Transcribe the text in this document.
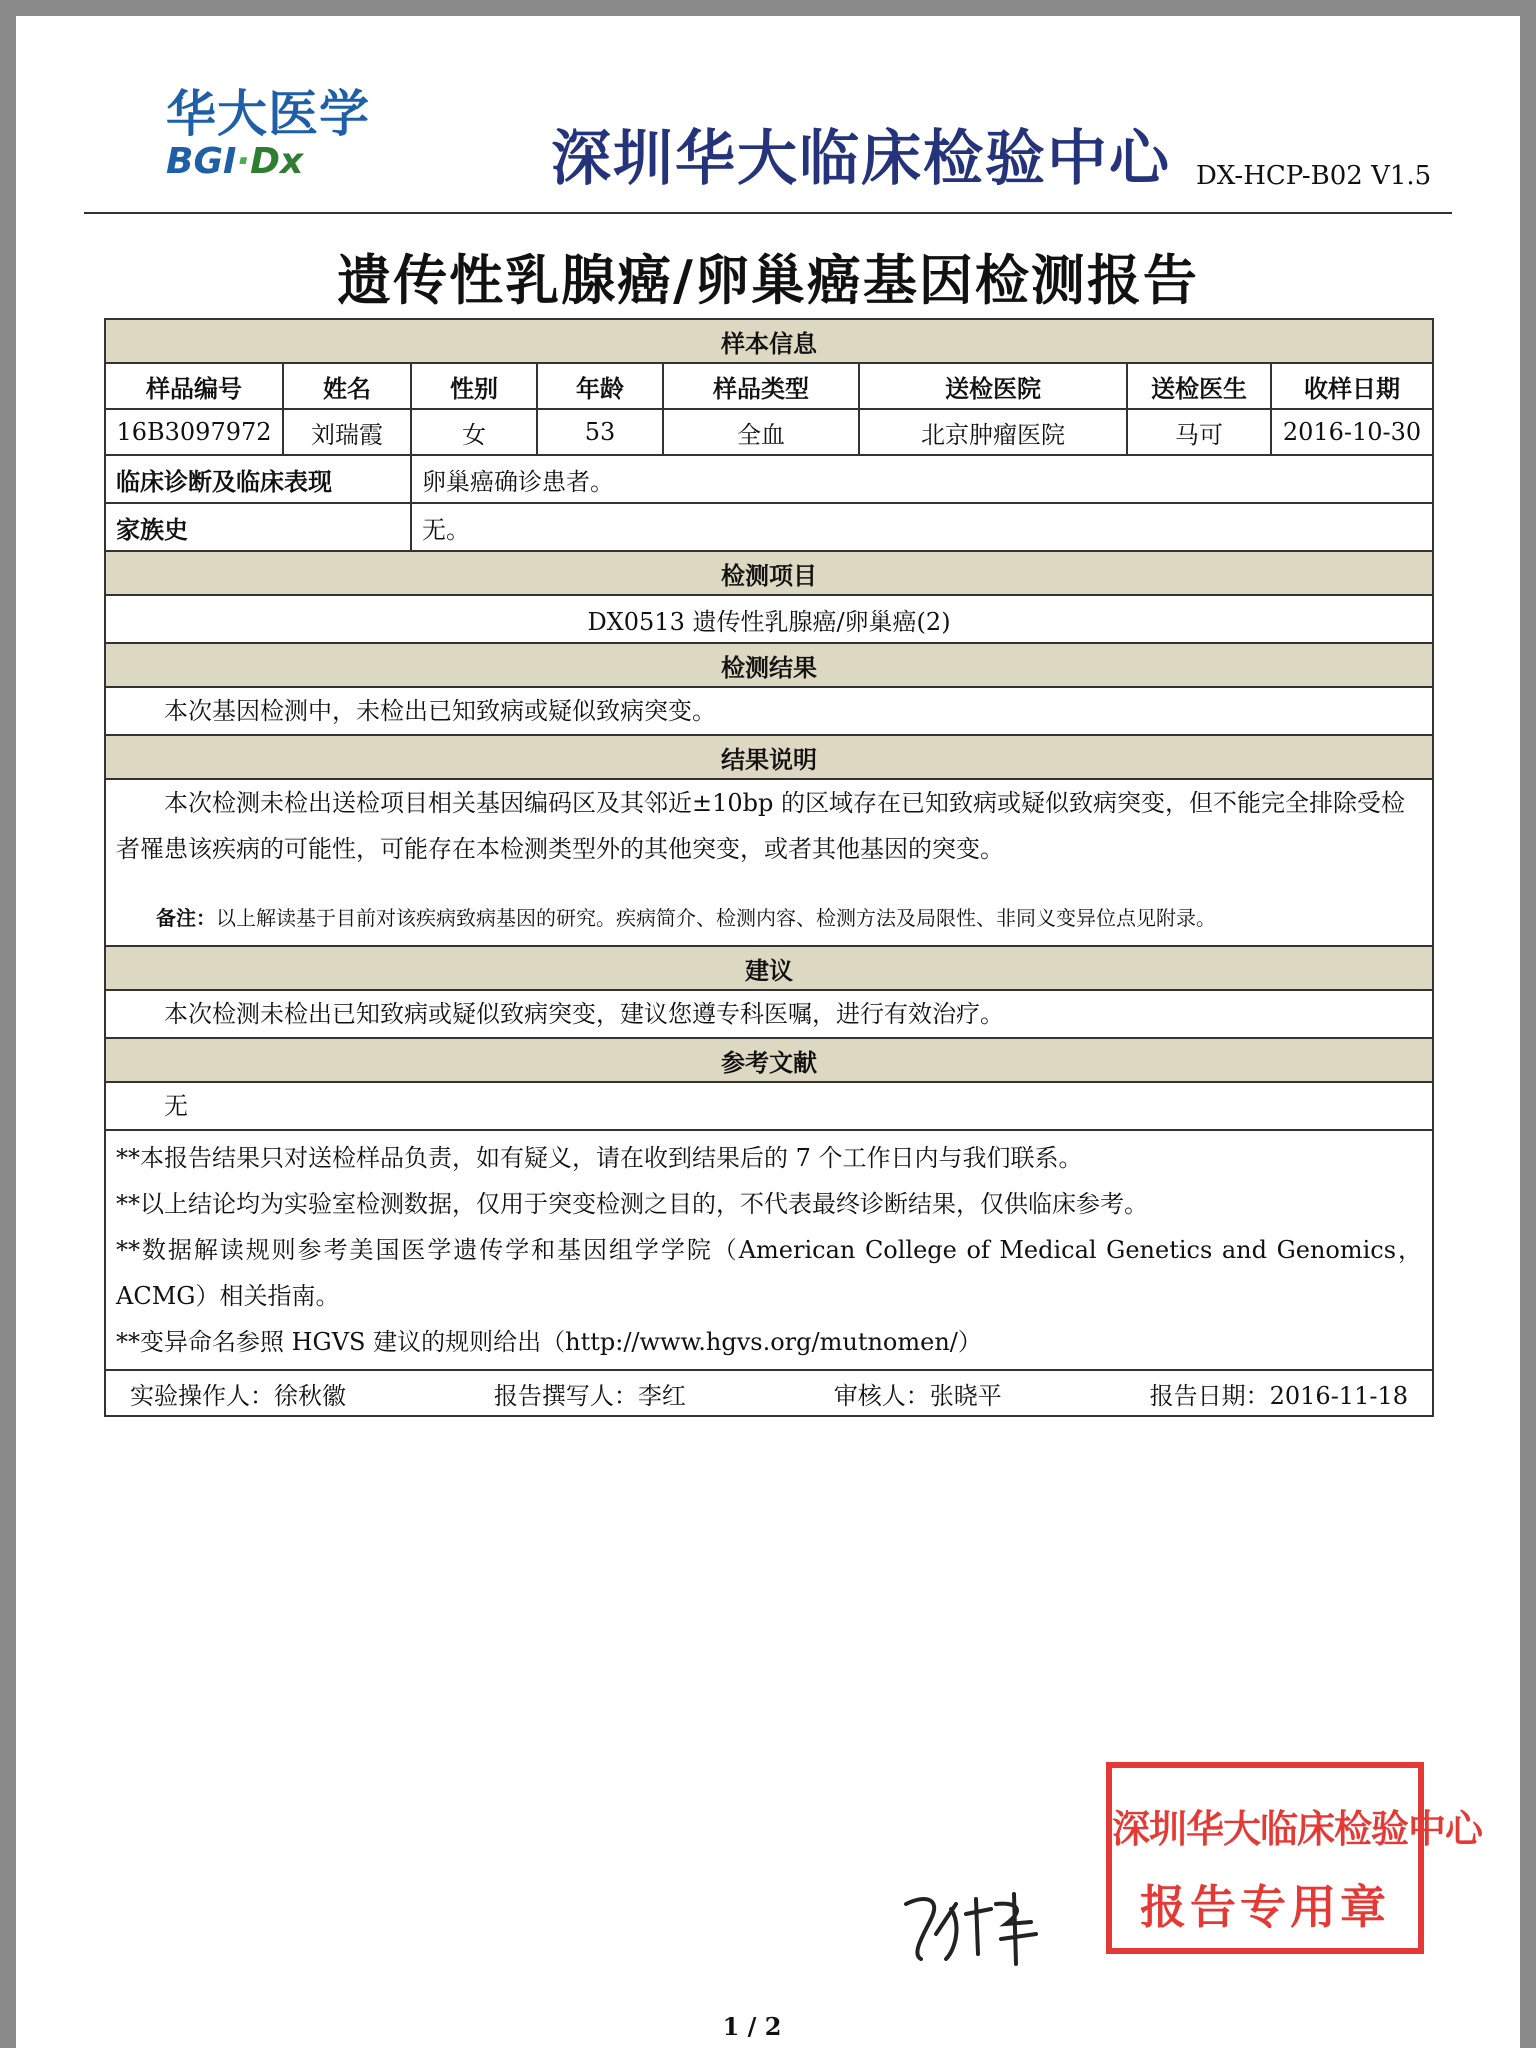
华大医学
BGI·Dx	深圳华大临床检验中心 DX-HCP-B02 V1.5
遗传性乳腺癌/卵巢癌基因检测报告
样本信息							
样品编号	姓名	性别	年龄	样品类型	送检医院	送检医生	收样日期
16B3097972	刘瑞霞	女	53	全血	北京肿瘤医院	马可	2016-10-30
临床诊断及临床表现		卵巢癌确诊患者。					
家族史		无。					
检测项目							
DX0513 遗传性乳腺癌/卵巢癌(2)							
检测结果							
本次基因检测中，未检出已知致病或疑似致病突变。							
结果说明							

本次检测未检出送检项目相关基因编码区及其邻近±10bp 的区域存在已知致病或疑似致病突变，但不能完全排除受检者罹患该疾病的可能性，可能存在本检测类型外的其他突变，或者其他基因的突变。
备注：以上解读基于目前对该疾病致病基因的研究。疾病简介、检测内容、检测方法及局限性、非同义变异位点见附录。							

建议							
本次检测未检出已知致病或疑似致病突变，建议您遵专科医嘱，进行有效治疗。							
参考文献							
无							

**本报告结果只对送检样品负责，如有疑义，请在收到结果后的 7 个工作日内与我们联系。
**以上结论均为实验室检测数据，仅用于突变检测之目的，不代表最终诊断结果，仅供临床参考。
**数据解读规则参考美国医学遗传学和基因组学学院（American College of Medical Genetics and Genomics，ACMG）相关指南。
**变异命名参照 HGVS 建议的规则给出（http://www.hgvs.org/mutnomen/）							

实验操作人：徐秋徽 报告撰写人：李红 审核人：张晓平 报告日期：2016-11-18							
深圳华大临床检验中心
报告专用章
1 / 2
